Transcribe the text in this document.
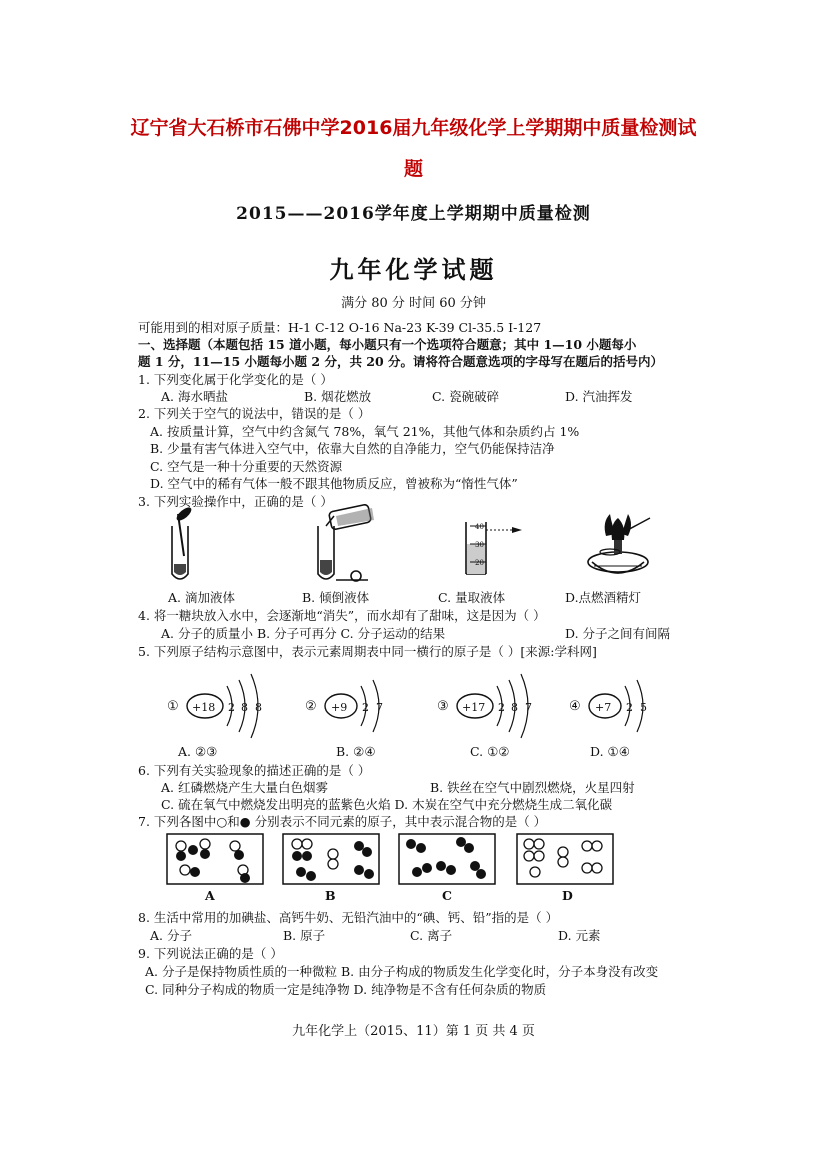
辽宁省大石桥市石佛中学2016届九年级化学上学期期中质量检测试
题
2015——2016学年度上学期期中质量检测
九年化学试题
满分 80 分 时间 60 分钟
可能用到的相对原子质量：H-1 C-12 O-16 Na-23 K-39 Cl-35.5 I-127
一、选择题（本题包括 15 道小题，每小题只有一个选项符合题意；其中 1—10 小题每小
题 1 分，11—15 小题每小题 2 分，共 20 分。请将符合题意选项的字母写在题后的括号内）
1. 下列变化属于化学变化的是（ ）
A. 海水晒盐	B. 烟花燃放	C. 瓷碗破碎	D. 汽油挥发
2. 下列关于空气的说法中，错误的是（ ）
A. 按质量计算，空气中约含氮气 78%，氧气 21%，其他气体和杂质约占 1%
B. 少量有害气体进入空气中，依靠大自然的自净能力，空气仍能保持洁净
C. 空气是一种十分重要的天然资源
D. 空气中的稀有气体一般不跟其他物质反应，曾被称为“惰性气体”
3. 下列实验操作中，正确的是（ ）
40
30
20
A. 滴加液体	B. 倾倒液体	C. 量取液体	D.点燃酒精灯
4. 将一糖块放入水中，会逐渐地“消失”，而水却有了甜味，这是因为（ ）
A. 分子的质量小 B. 分子可再分 C. 分子运动的结果	D. 分子之间有间隔
5. 下列原子结构示意图中，表示元素周期表中同一横行的原子是（ ）[来源:学科网]
① +18 2 8 8	② +9 2 7	③ +17 2 8 7	④ +7 2 5
A. ②③	B. ②④	C. ①②	D. ①④
6. 下列有关实验现象的描述正确的是（ ）
A. 红磷燃烧产生大量白色烟雾	B. 铁丝在空气中剧烈燃烧，火星四射
C. 硫在氧气中燃烧发出明亮的蓝紫色火焰 D. 木炭在空气中充分燃烧生成二氧化碳
7. 下列各图中○和● 分别表示不同元素的原子，其中表示混合物的是（ ）
A	B	C	D
8. 生活中常用的加碘盐、高钙牛奶、无铅汽油中的“碘、钙、铅”指的是（ ）
A. 分子	B. 原子	C. 离子	D. 元素
9. 下列说法正确的是（ ）
A. 分子是保持物质性质的一种微粒 B. 由分子构成的物质发生化学变化时，分子本身没有改变
C. 同种分子构成的物质一定是纯净物 D. 纯净物是不含有任何杂质的物质
九年化学上（2015、11）第 1 页 共 4 页
